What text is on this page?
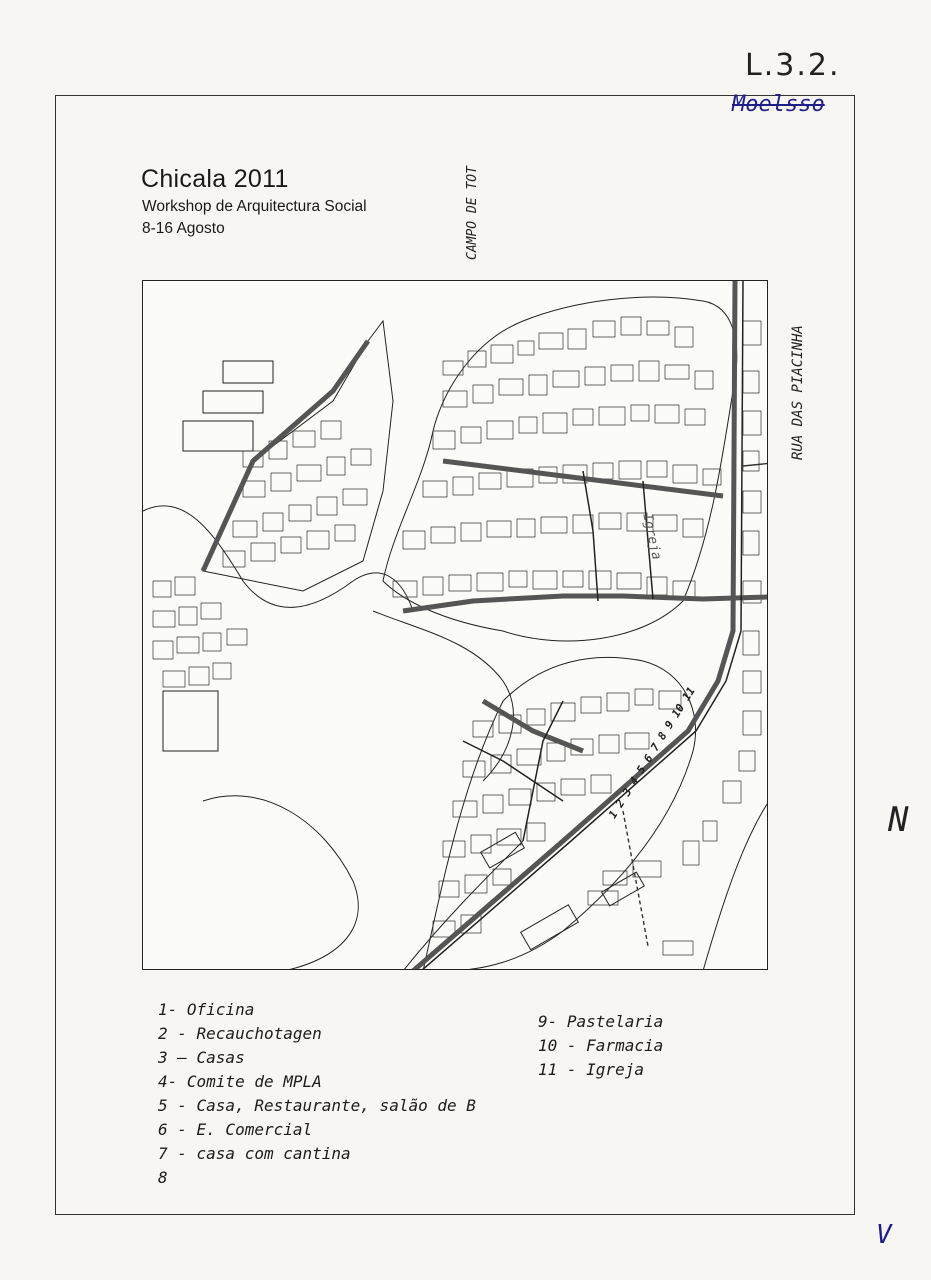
L.3.2.
Moelsso
N
V
Chicala 2011
Workshop de Arquitectura Social
8-16 Agosto	CAMPO DE TOT
RUA DAS PIACINHA
1 2 3 4 5 6 7 8 9 10 11
Igreja
1- Oficina
2 - Recauchotagen
3 — Casas
4- Comite de MPLA
5 - Casa, Restaurante, salão de B
6 - E. Comercial
7 - casa com cantina
8
9- Pastelaria
10 - Farmacia
11 - Igreja
